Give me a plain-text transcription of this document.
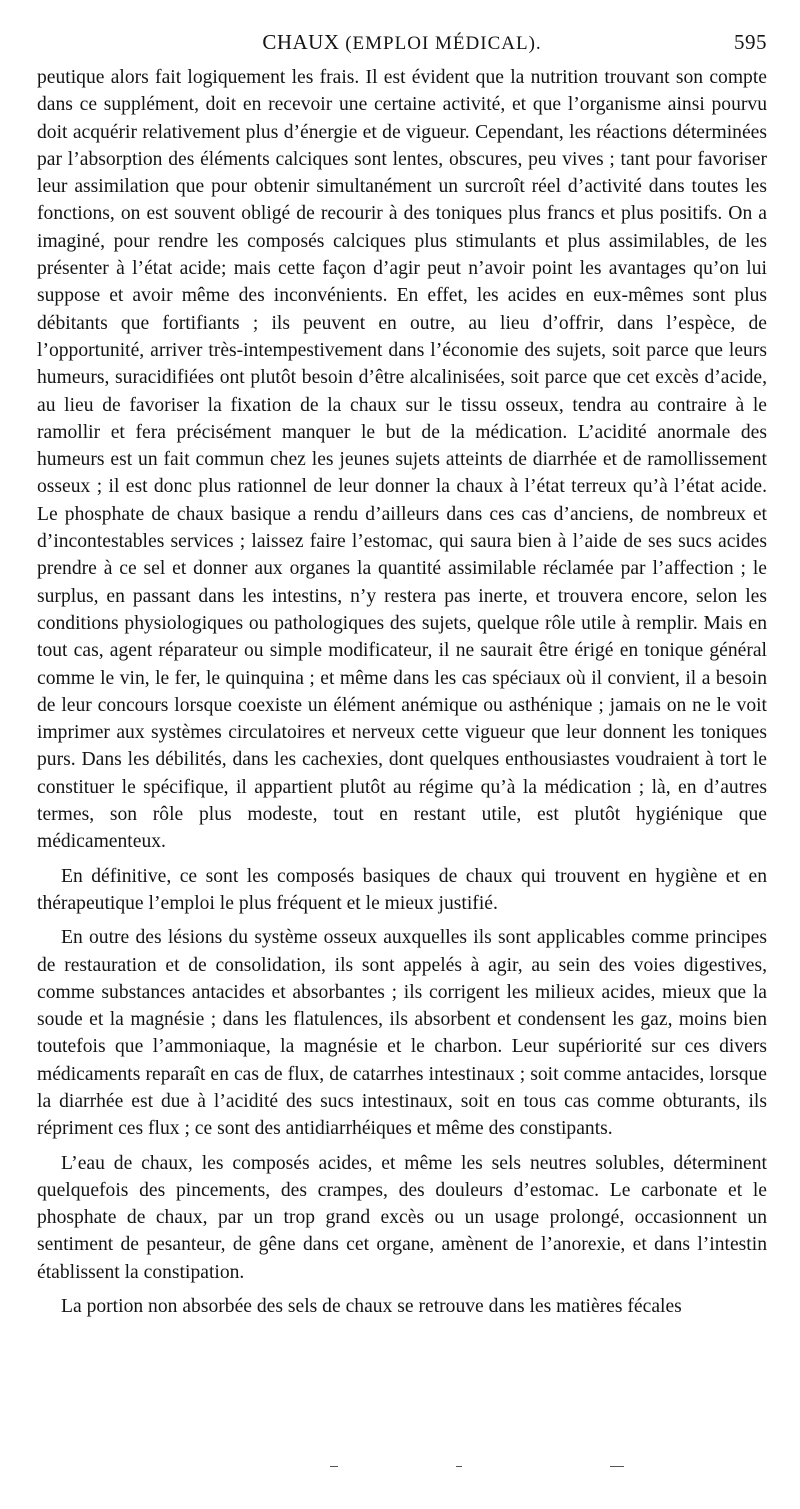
CHAUX (EMPLOI MÉDICAL).	595

peutique alors fait logiquement les frais. Il est évident que la nutrition trouvant son compte dans ce supplément, doit en recevoir une certaine activité, et que l’organisme ainsi pourvu doit acquérir relativement plus d’énergie et de vigueur. Cependant, les réactions déterminées par l’absorption des éléments calciques sont lentes, obscures, peu vives ; tant pour favoriser leur assimilation que pour obtenir simultanément un surcroît réel d’activité dans toutes les fonctions, on est souvent obligé de recourir à des toniques plus francs et plus positifs. On a imaginé, pour rendre les composés calciques plus stimulants et plus assimilables, de les présenter à l’état acide; mais cette façon d’agir peut n’avoir point les avantages qu’on lui suppose et avoir même des inconvénients. En effet, les acides en eux-mêmes sont plus débitants que fortifiants ; ils peuvent en outre, au lieu d’offrir, dans l’espèce, de l’opportunité, arriver très-intempestivement dans l’économie des sujets, soit parce que leurs humeurs, suracidifiées ont plutôt besoin d’être alcalinisées, soit parce que cet excès d’acide, au lieu de favoriser la fixation de la chaux sur le tissu osseux, tendra au contraire à le ramollir et fera précisément manquer le but de la médication. L’acidité anormale des humeurs est un fait commun chez les jeunes sujets atteints de diarrhée et de ramollissement osseux ; il est donc plus rationnel de leur donner la chaux à l’état terreux qu’à l’état acide. Le phosphate de chaux basique a rendu d’ailleurs dans ces cas d’anciens, de nombreux et d’incontestables services ; laissez faire l’estomac, qui saura bien à l’aide de ses sucs acides prendre à ce sel et donner aux organes la quantité assimilable réclamée par l’affection ; le surplus, en passant dans les intestins, n’y restera pas inerte, et trouvera encore, selon les conditions physiologiques ou pathologiques des sujets, quelque rôle utile à remplir. Mais en tout cas, agent réparateur ou simple modificateur, il ne saurait être érigé en tonique général comme le vin, le fer, le quinquina ; et même dans les cas spéciaux où il convient, il a besoin de leur concours lorsque coexiste un élément anémique ou asthénique ; jamais on ne le voit imprimer aux systèmes circulatoires et nerveux cette vigueur que leur donnent les toniques purs. Dans les débilités, dans les cachexies, dont quelques enthousiastes voudraient à tort le constituer le spécifique, il appartient plutôt au régime qu’à la médication ; là, en d’autres termes, son rôle plus modeste, tout en restant utile, est plutôt hygiénique que médicamenteux.

En définitive, ce sont les composés basiques de chaux qui trouvent en hygiène et en thérapeutique l’emploi le plus fréquent et le mieux justifié.

En outre des lésions du système osseux auxquelles ils sont applicables comme principes de restauration et de consolidation, ils sont appelés à agir, au sein des voies digestives, comme substances antacides et absorbantes ; ils corrigent les milieux acides, mieux que la soude et la magnésie ; dans les flatulences, ils absorbent et condensent les gaz, moins bien toutefois que l’ammoniaque, la magnésie et le charbon. Leur supériorité sur ces divers médicaments reparaît en cas de flux, de catarrhes intestinaux ; soit comme antacides, lorsque la diarrhée est due à l’acidité des sucs intestinaux, soit en tous cas comme obturants, ils répriment ces flux ; ce sont des antidiarrhéiques et même des constipants.

L’eau de chaux, les composés acides, et même les sels neutres solubles, déterminent quelquefois des pincements, des crampes, des douleurs d’estomac. Le carbonate et le phosphate de chaux, par un trop grand excès ou un usage prolongé, occasionnent un sentiment de pesanteur, de gêne dans cet organe, amènent de l’anorexie, et dans l’intestin établissent la constipation.

La portion non absorbée des sels de chaux se retrouve dans les matières fécales
